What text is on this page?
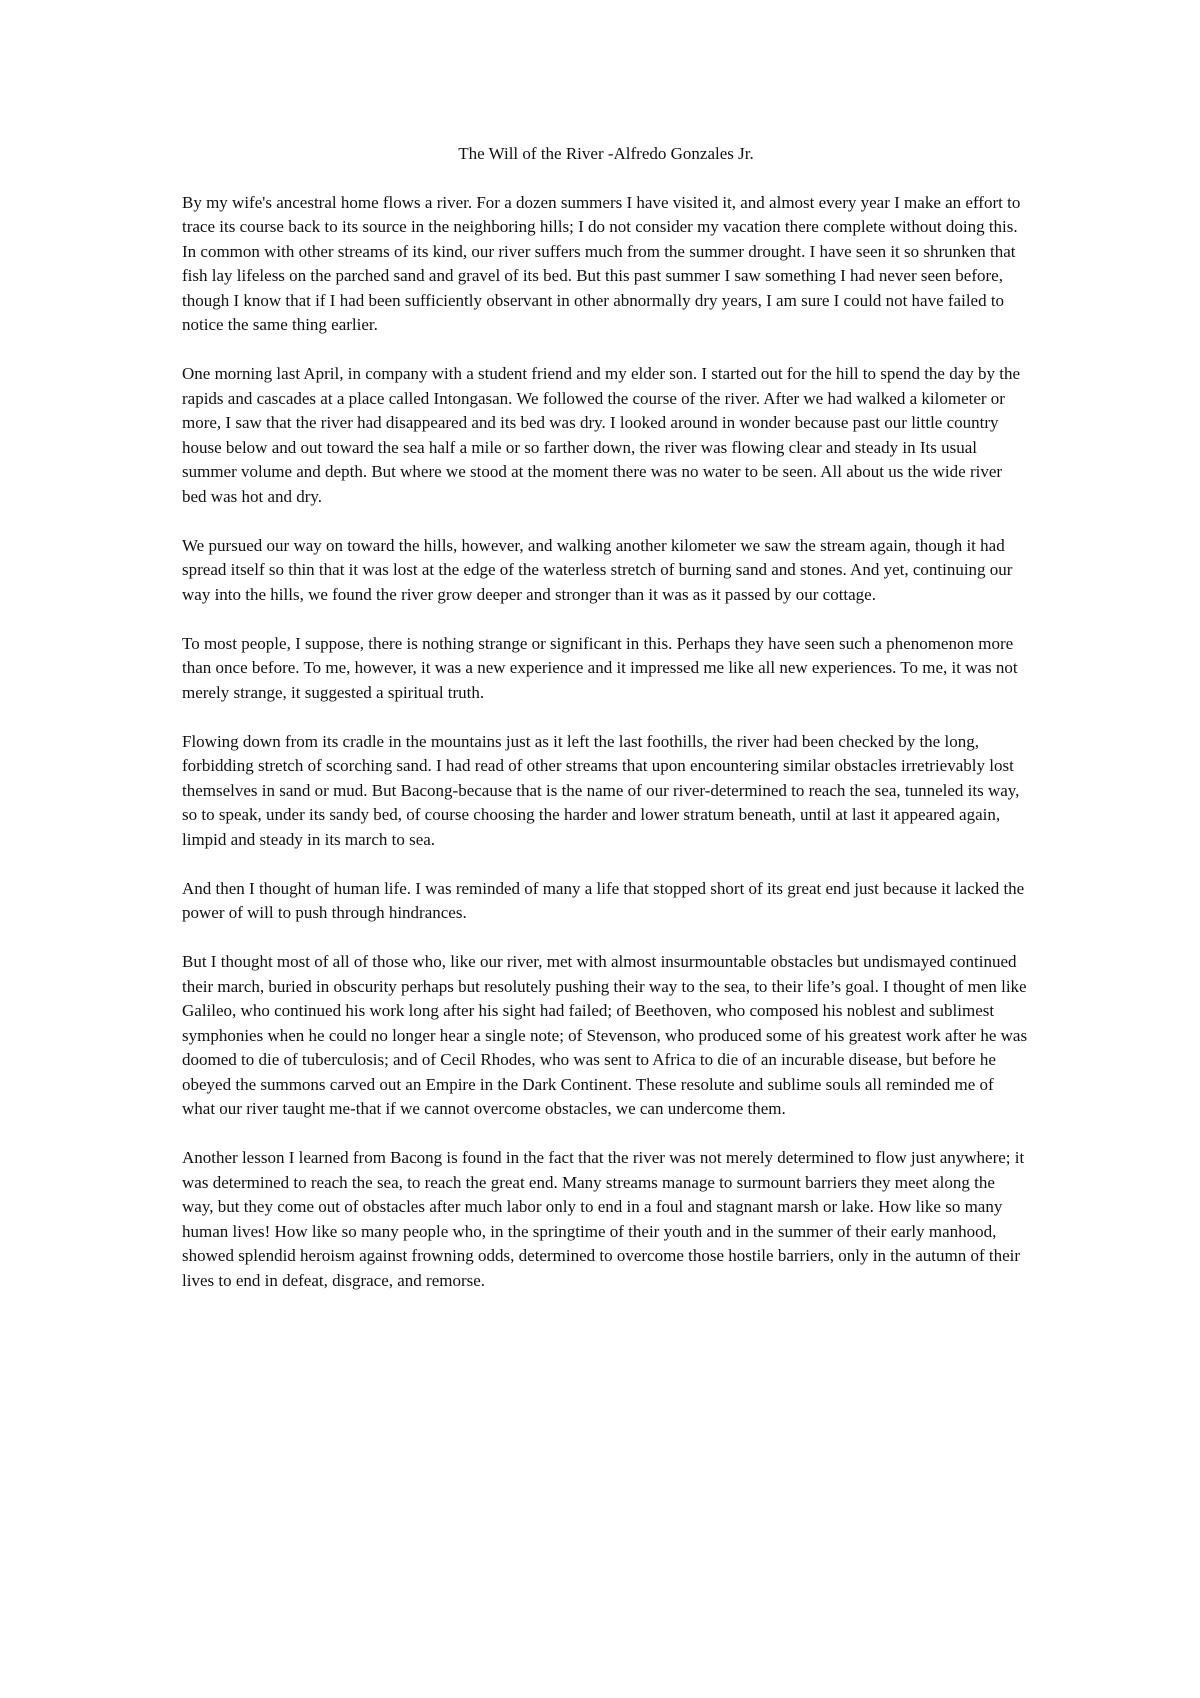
The Will of the River -Alfredo Gonzales Jr.

By my wife's ancestral home flows a river. For a dozen summers I have visited it, and almost every year I make an effort to trace its course back to its source in the neighboring hills; I do not consider my vacation there complete without doing this. In common with other streams of its kind, our river suffers much from the summer drought. I have seen it so shrunken that fish lay lifeless on the parched sand and gravel of its bed. But this past summer I saw something I had never seen before, though I know that if I had been sufficiently observant in other abnormally dry years, I am sure I could not have failed to notice the same thing earlier.

One morning last April, in company with a student friend and my elder son. I started out for the hill to spend the day by the rapids and cascades at a place called Intongasan. We followed the course of the river. After we had walked a kilometer or more, I saw that the river had disappeared and its bed was dry. I looked around in wonder because past our little country house below and out toward the sea half a mile or so farther down, the river was flowing clear and steady in Its usual summer volume and depth. But where we stood at the moment there was no water to be seen. All about us the wide river bed was hot and dry.

We pursued our way on toward the hills, however, and walking another kilometer we saw the stream again, though it had spread itself so thin that it was lost at the edge of the waterless stretch of burning sand and stones. And yet, continuing our way into the hills, we found the river grow deeper and stronger than it was as it passed by our cottage.

To most people, I suppose, there is nothing strange or significant in this. Perhaps they have seen such a phenomenon more than once before. To me, however, it was a new experience and it impressed me like all new experiences. To me, it was not merely strange, it suggested a spiritual truth.

Flowing down from its cradle in the mountains just as it left the last foothills, the river had been checked by the long, forbidding stretch of scorching sand. I had read of other streams that upon encountering similar obstacles irretrievably lost themselves in sand or mud. But Bacong-because that is the name of our river-determined to reach the sea, tunneled its way, so to speak, under its sandy bed, of course choosing the harder and lower stratum beneath, until at last it appeared again, limpid and steady in its march to sea.

And then I thought of human life. I was reminded of many a life that stopped short of its great end just because it lacked the power of will to push through hindrances.

But I thought most of all of those who, like our river, met with almost insurmountable obstacles but undismayed continued their march, buried in obscurity perhaps but resolutely pushing their way to the sea, to their life’s goal. I thought of men like Galileo, who continued his work long after his sight had failed; of Beethoven, who composed his noblest and sublimest symphonies when he could no longer hear a single note; of Stevenson, who produced some of his greatest work after he was doomed to die of tuberculosis; and of Cecil Rhodes, who was sent to Africa to die of an incurable disease, but before he obeyed the summons carved out an Empire in the Dark Continent. These resolute and sublime souls all reminded me of what our river taught me-that if we cannot overcome obstacles, we can undercome them.

Another lesson I learned from Bacong is found in the fact that the river was not merely determined to flow just anywhere; it was determined to reach the sea, to reach the great end. Many streams manage to surmount barriers they meet along the way, but they come out of obstacles after much labor only to end in a foul and stagnant marsh or lake. How like so many human lives! How like so many people who, in the springtime of their youth and in the summer of their early manhood, showed splendid heroism against frowning odds, determined to overcome those hostile barriers, only in the autumn of their lives to end in defeat, disgrace, and remorse.
